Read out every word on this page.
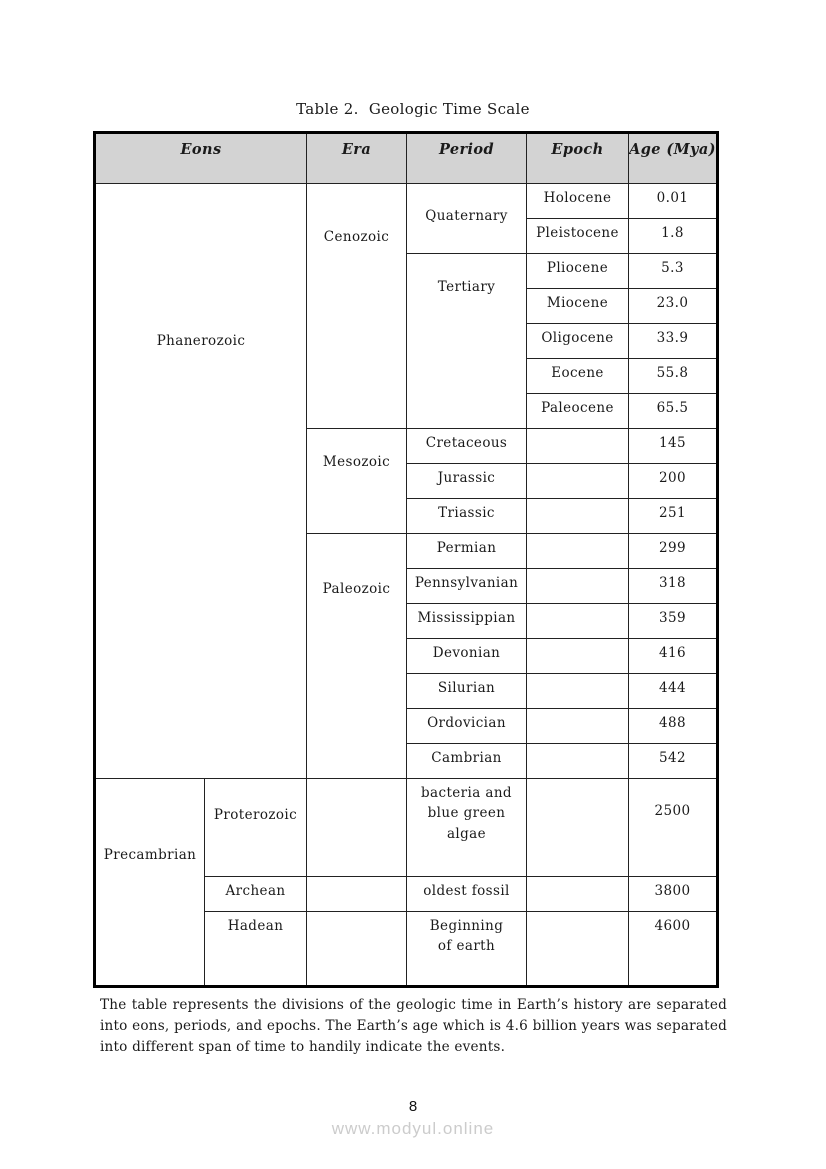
Table 2.  Geologic Time Scale
Eons		Era	Period	Epoch	Age (Mya)
Phanerozoic		Cenozoic	Quaternary	Holocene	0.01
				Pleistocene	1.8
			Tertiary	Pliocene	5.3
				Miocene	23.0
				Oligocene	33.9
				Eocene	55.8
				Paleocene	65.5
		Mesozoic	Cretaceous		145
			Jurassic		200
			Triassic		251
		Paleozoic	Permian		299
			Pennsylvanian		318
			Mississippian		359
			Devonian		416
			Silurian		444
			Ordovician		488
			Cambrian		542
Precambrian	Proterozoic		bacteria and blue green algae		2500
	Archean		oldest fossil		3800
	Hadean		Beginning of earth		4600
The table represents the divisions of the geologic time in Earth’s history are separated into eons, periods, and epochs. The Earth’s age which is 4.6 billion years was separated into different span of time to handily indicate the events.
8
www.modyul.online
